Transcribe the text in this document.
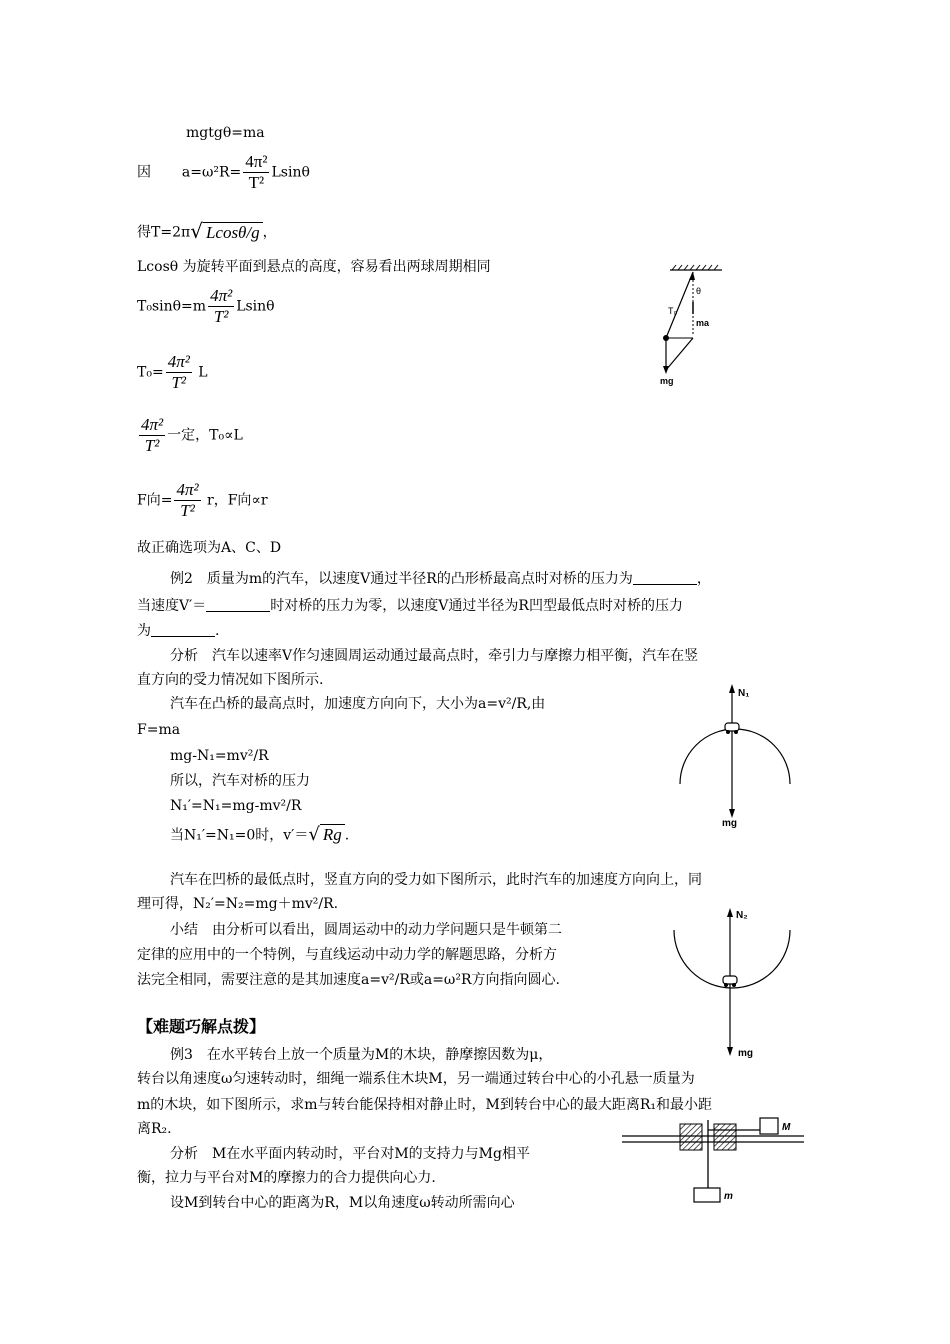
mgtgθ=ma
因 $a=\omega^2R= \frac{\text{4π²}}{\text{T²}}$ Lsinθ
得T=2π√ Lcosθ/g ，
Lcosθ 为旋转平面到悬点的高度，容易看出两球周期相同
$T_0\sin\theta=m \frac{\text{4π²}}{\text{T²}}$ Lsinθ
$T_0= \frac{\text{4π²}}{\text{T²}}$ L
$\frac{\text{4π²}}{\text{T²}}$ 一定，T₀∝L
F向= $\frac{\text{4π²}}{\text{T²}}$ r，F向∝r
故正确选项为A、C、D
θ
T₀
ma
mg
例2　质量为m的汽车，以速度V通过半径R的凸形桥最高点时对桥的压力为	，
当速度V′＝	时对桥的压力为零，以速度V通过半径为R凹型最低点时对桥的压力
为	.
分析　汽车以速率V作匀速圆周运动通过最高点时，牵引力与摩擦力相平衡，汽车在竖
直方向的受力情况如下图所示.
汽车在凸桥的最高点时，加速度方向向下，大小为a=v²/R,由
F=ma
mg-N₁=mv²/R
所以，汽车对桥的压力
N₁′=N₁=mg-mv²/R
当N₁′=N₁=0时，v′＝√ Rg .
汽车在凹桥的最低点时，竖直方向的受力如下图所示，此时汽车的加速度方向向上，同
理可得，N₂′=N₂=mg＋mv²/R.
小结　由分析可以看出，圆周运动中的动力学问题只是牛顿第二
定律的应用中的一个特例，与直线运动中动力学的解题思路，分析方
法完全相同，需要注意的是其加速度a=v²/R或a=ω²R方向指向圆心.
N₁
mg
N₂
mg
【难题巧解点拨】
例3　在水平转台上放一个质量为M的木块，静摩擦因数为μ，
转台以角速度ω匀速转动时，细绳一端系住木块M，另一端通过转台中心的小孔悬一质量为
m的木块，如下图所示，求m与转台能保持相对静止时，M到转台中心的最大距离R₁和最小距
离R₂.
分析　M在水平面内转动时，平台对M的支持力与Mg相平
衡，拉力与平台对M的摩擦力的合力提供向心力.
设M到转台中心的距离为R，M以角速度ω转动所需向心
M
m
